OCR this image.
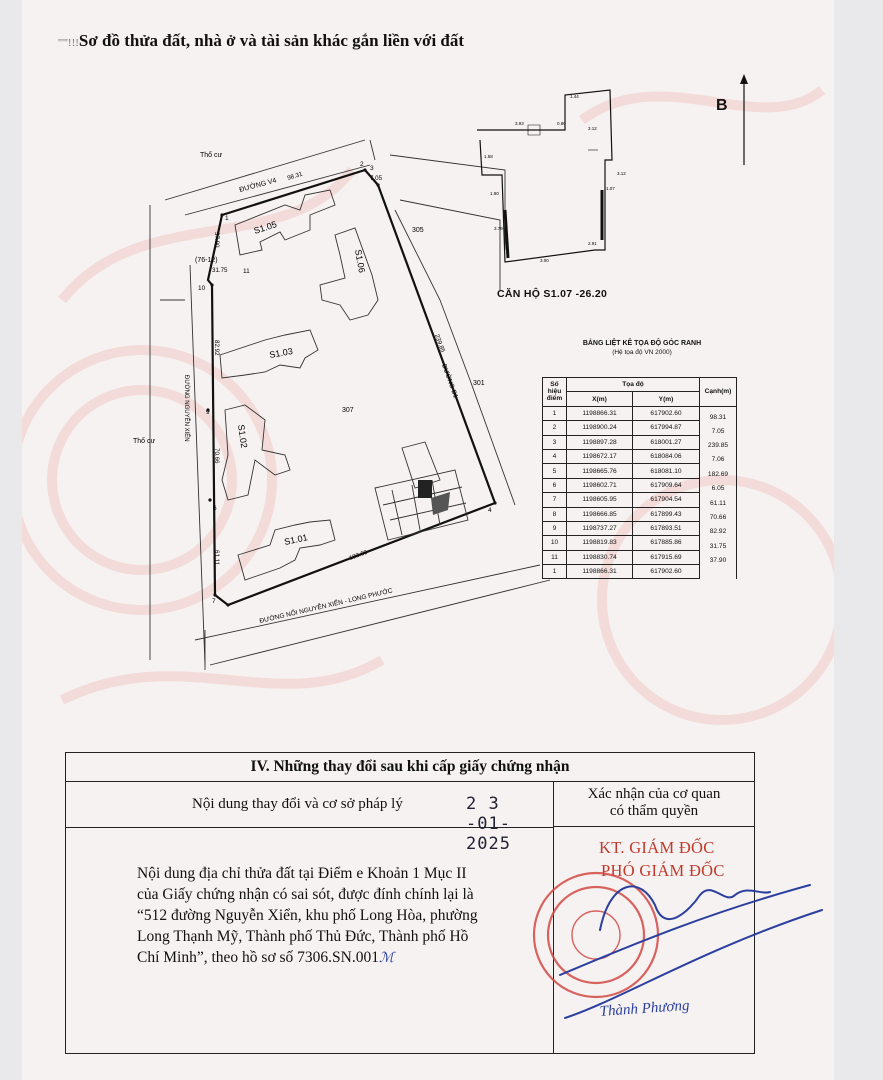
'''''!!!Sơ đồ thửa đất, nhà ở và tài sản khác gắn liền với đất
Thổ cư
Thổ cư
ĐƯỜNG V4
ĐƯỜNG NGUYỄN XIỂN	ĐƯỜNG D1
ĐƯỜNG NỐI NGUYỄN XIỂN - LONG PHƯỚC
307
305
301
(76-12)
S1.05
S1.06
S1.03
S1.02
S1.01
1
2
3
4
7
6
9
10
11
98.31	7.05
239.85
182.69
70.66
82.92
31.75
37.90
61.11
1.44
3.93	0.80
3.12
3.12
1.07
2.91
3.00
1.58
1.80
3.79
B
CĂN HỘ S1.07 -26.20
BẢNG LIỆT KÊ TỌA ĐỘ GÓC RANH
(Hệ tọa độ VN 2000)
Số hiệu điểm	Tọa độ		Cạnh(m)
	X(m)	Y(m)	
1	1198866.31	617902.60	98.31
2	1198900.24	617994.87	7.05
3	1198897.28	618001.27	239.85
4	1198672.17	618084.06	7.06
5	1198665.76	618081.10	182.69
6	1198602.71	617909.64	6.05
7	1198605.95	617904.54	61.11
8	1198666.85	617899.43	70.66
9	1198737.27	617893.51	82.92
10	1198819.83	617885.86	31.75
11	1198830.74	617915.69	37.90
1	1198866.31	617902.60	
IV. Những thay đổi sau khi cấp giấy chứng nhận
Nội dung thay đổi và cơ sở pháp lý	2 3 -01- 2025
Xác nhận của cơ quan
có thẩm quyền
Nội dung địa chỉ thửa đất tại Điểm e Khoản 1 Mục II
của Giấy chứng nhận có sai sót, được đính chính lại là
“512 đường Nguyễn Xiển, khu phố Long Hòa, phường
Long Thạnh Mỹ, Thành phố Thủ Đức, Thành phố Hồ
Chí Minh”, theo hồ sơ số 7306.SN.001ℳ
KT. GIÁM ĐỐC
PHÓ GIÁM ĐỐC
Thành Phương
